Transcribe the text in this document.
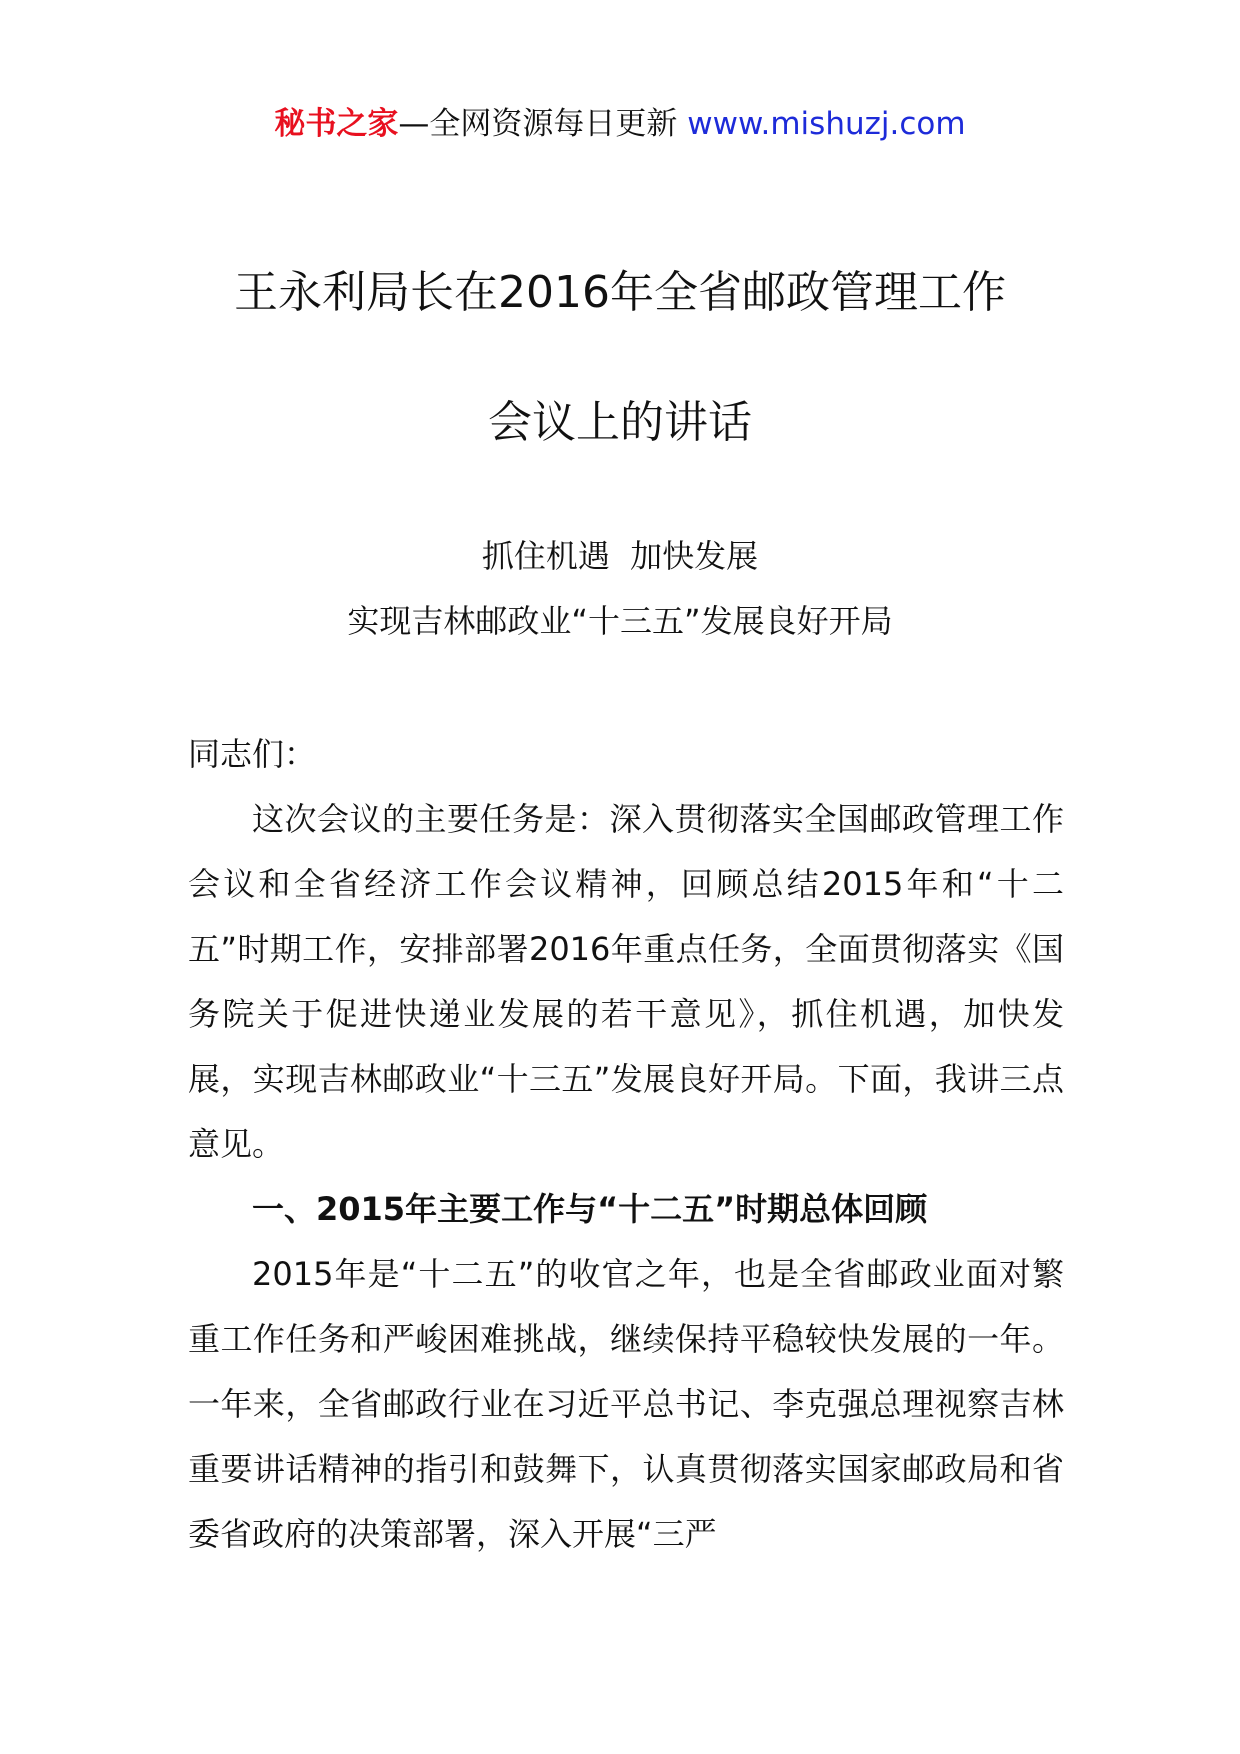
秘书之家—全网资源每日更新 www.mishuzj.com
王永利局长在2016年全省邮政管理工作
会议上的讲话
抓住机遇  加快发展
实现吉林邮政业“十三五”发展良好开局
同志们：

这次会议的主要任务是：深入贯彻落实全国邮政管理工作会议和全省经济工作会议精神，回顾总结2015年和“十二五”时期工作，安排部署2016年重点任务，全面贯彻落实《国务院关于促进快递业发展的若干意见》，抓住机遇，加快发展，实现吉林邮政业“十三五”发展良好开局。下面，我讲三点意见。

一、2015年主要工作与“十二五”时期总体回顾

2015年是“十二五”的收官之年，也是全省邮政业面对繁重工作任务和严峻困难挑战，继续保持平稳较快发展的一年。一年来，全省邮政行业在习近平总书记、李克强总理视察吉林重要讲话精神的指引和鼓舞下，认真贯彻落实国家邮政局和省委省政府的决策部署，深入开展“三严
